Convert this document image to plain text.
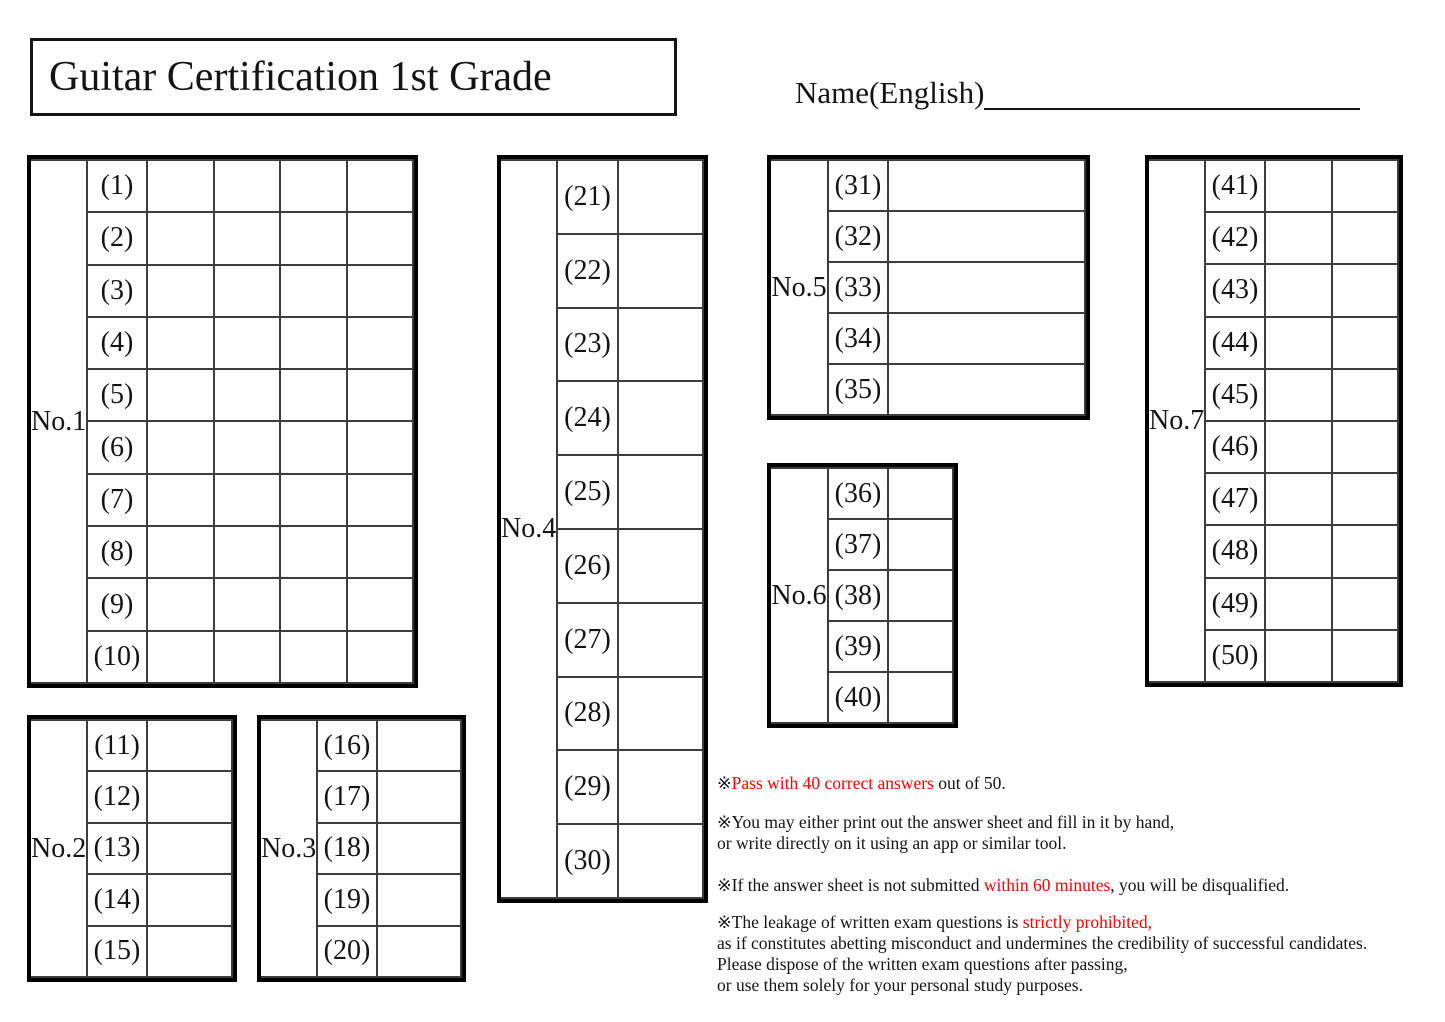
Guitar Certification 1st Grade	Name(English)
No.1	(1)				
	(2)				
	(3)				
	(4)				
	(5)				
	(6)				
	(7)				
	(8)				
	(9)				
	(10)				
No.2	(11)	
	(12)	
	(13)	
	(14)	
	(15)	
No.3	(16)	
	(17)	
	(18)	
	(19)	
	(20)	
No.4	(21)	
	(22)	
	(23)	
	(24)	
	(25)	
	(26)	
	(27)	
	(28)	
	(29)	
	(30)	
No.5	(31)	
	(32)	
	(33)	
	(34)	
	(35)	
No.6	(36)	
	(37)	
	(38)	
	(39)	
	(40)	
No.7	(41)		
	(42)		
	(43)		
	(44)		
	(45)		
	(46)		
	(47)		
	(48)		
	(49)		
	(50)		

※Pass with 40 correct answers out of 50.

※You may either print out the answer sheet and fill in it by hand,
or write directly on it using an app or similar tool.

※If the answer sheet is not submitted within 60 minutes, you will be disqualified.

※The leakage of written exam questions is strictly prohibited,
as if constitutes abetting misconduct and undermines the credibility of successful candidates.
Please dispose of the written exam questions after passing,
or use them solely for your personal study purposes.
